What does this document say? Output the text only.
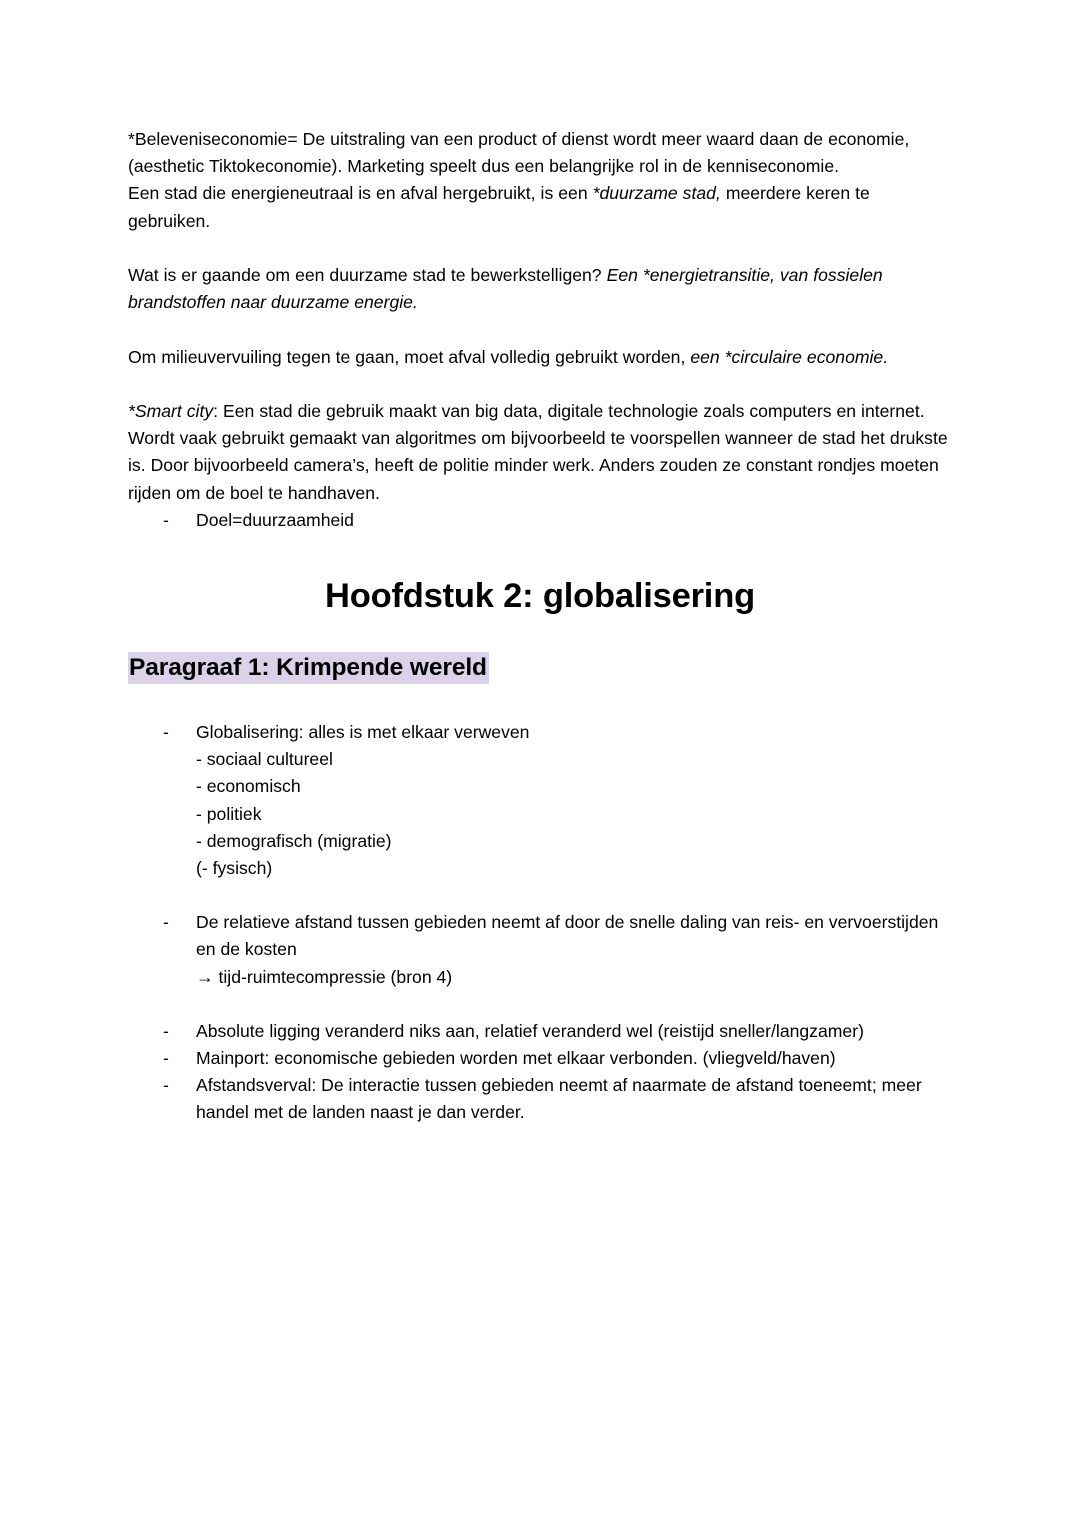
*Beleveniseconomie= De uitstraling van een product of dienst wordt meer waard daan de economie, (aesthetic Tiktokeconomie). Marketing speelt dus een belangrijke rol in de kenniseconomie.

Een stad die energieneutraal is en afval hergebruikt, is een *duurzame stad, meerdere keren te gebruiken.

Wat is er gaande om een duurzame stad te bewerkstelligen? Een *energietransitie, van fossielen brandstoffen naar duurzame energie.

Om milieuvervuiling tegen te gaan, moet afval volledig gebruikt worden, een *circulaire economie.

*Smart city: Een stad die gebruik maakt van big data, digitale technologie zoals computers en internet. Wordt vaak gebruikt gemaakt van algoritmes om bijvoorbeeld te voorspellen wanneer de stad het drukste is. Door bijvoorbeeld camera’s, heeft de politie minder werk. Anders zouden ze constant rondjes moeten rijden om de boel te handhaven.

- Doel=duurzaamheid
Hoofdstuk 2: globalisering
Paragraaf 1: Krimpende wereld
- Globalisering: alles is met elkaar verweven
- sociaal cultureel
- economisch
- politiek
- demografisch (migratie)
(- fysisch)
- De relatieve afstand tussen gebieden neemt af door de snelle daling van reis- en vervoerstijden en de kosten
→ tijd-ruimtecompressie (bron 4)
- Absolute ligging veranderd niks aan, relatief veranderd wel (reistijd sneller/langzamer)
- Mainport: economische gebieden worden met elkaar verbonden. (vliegveld/haven)
- Afstandsverval: De interactie tussen gebieden neemt af naarmate de afstand toeneemt; meer handel met de landen naast je dan verder.
